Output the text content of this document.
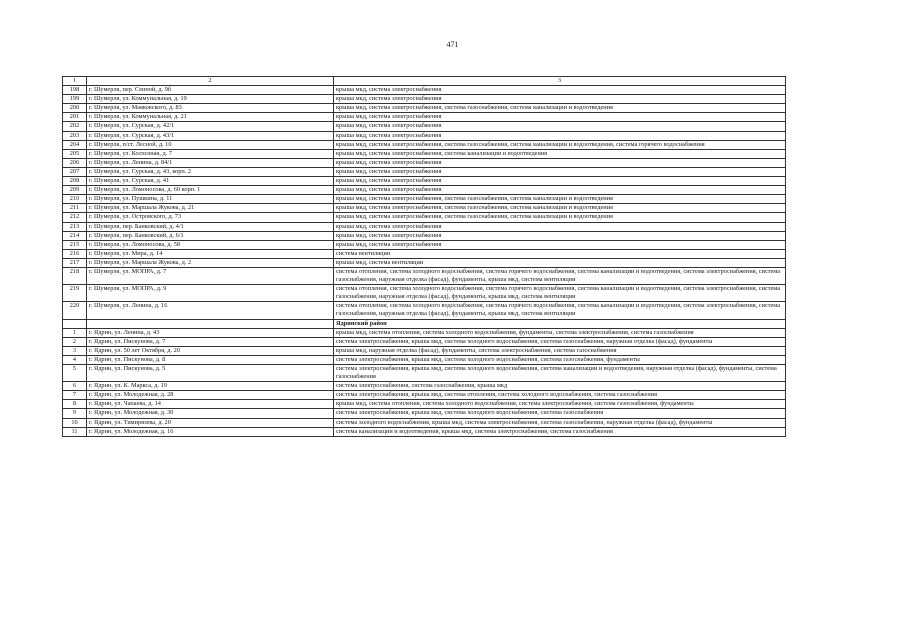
471
1	2	3
198	г. Шумерля, пер. Сенной, д. 9б	крыша мкд, система электроснабжения
199	г. Шумерля, ул. Коммунальная, д. 19	крыша мкд, система электроснабжения
200	г. Шумерля, ул. Маяковского, д. 83	крыша мкд, система электроснабжения, система газоснабжения, система канализации и водоотведения
201	г. Шумерля, ул. Коммунальная, д. 21	крыша мкд, система электроснабжения
202	г. Шумерля, ул. Сурская, д. 42/1	крыша мкд, система электроснабжения
203	г. Шумерля, ул. Сурская, д. 43/1	крыша мкд, система электроснабжения
204	г. Шумерля, п/ст. Лесной, д. 10	крыша мкд, система электроснабжения, система газоснабжения, система канализации и водоотведения, система горячего водоснабжения
205	г. Шумерля, ул. Колхозная, д. 7	крыша мкд, система электроснабжения, система канализации и водоотведения
206	г. Шумерля, ул. Ленина, д. 84/1	крыша мкд, система электроснабжения
207	г. Шумерля, ул. Сурская, д. 43, корп. 2	крыша мкд, система электроснабжения
208	г. Шумерля, ул. Сурская, д. 41	крыша мкд, система электроснабжения
209	г. Шумерля, ул. Ломоносова, д. 60 корп. 1	крыша мкд, система электроснабжения
210	г. Шумерля, ул. Пушкина, д. 11	крыша мкд, система электроснабжения, система газоснабжения, система канализации и водоотведения
211	г. Шумерля, ул. Маршала Жукова, д. 21	крыша мкд, система электроснабжения, система газоснабжения, система канализации и водоотведения
212	г. Шумерля, ул. Островского, д. 73	крыша мкд, система электроснабжения, система газоснабжения, система канализации и водоотведения
213	г. Шумерля, пер. Банковский, д. 4/1	крыша мкд, система электроснабжения
214	г. Шумерля, пер. Банковский, д. 6/1	крыша мкд, система электроснабжения
215	г. Шумерля, ул. Ломоносова, д. 58	крыша мкд, система электроснабжения
216	г. Шумерля, ул. Мира, д. 14	система вентиляции
217	г. Шумерля, ул. Маршала Жукова, д. 2	крыша мкд, система вентиляции
218	г. Шумерля, ул. МОПРА, д. 7	система отопления, система холодного водоснабжения, система горячего водоснабжения, система канализации и водоотведения, система электроснабжения, система газоснабжения, наружная отделка (фасад), фундаменты, крыша мкд, система вентиляции
219	г. Шумерля, ул. МОПРА, д. 9	система отопления, система холодного водоснабжения, система горячего водоснабжения, система канализации и водоотведения, система электроснабжения, система газоснабжения, наружная отделка (фасад), фундаменты, крыша мкд, система вентиляции
220	г. Шумерля, ул. Ленина, д. 16	система отопления, система холодного водоснабжения, система горячего водоснабжения, система канализации и водоотведения, система электроснабжения, система газоснабжения, наружная отделка (фасад), фундаменты, крыша мкд, система вентиляции
		Ядринский район
1	г. Ядрин, ул. Ленина, д. 43	крыша мкд, система отопления, система холодного водоснабжения, фундаменты, система электроснабжения, система газоснабжения
2	г. Ядрин, ул. Пискунова, д. 7	система электроснабжения, крыша мкд, система холодного водоснабжения, система газоснабжения, наружная отделка (фасад), фундаменты
3	г. Ядрин, ул. 50 лет Октября, д. 20	крыша мкд, наружная отделка (фасад), фундаменты, система электроснабжения, система газоснабжения
4	г. Ядрин, ул. Пискунова, д. 8	система электроснабжения, крыша мкд, система холодного водоснабжения, система газоснабжения, фундаменты
5	г. Ядрин, ул. Пискунова, д. 5	система электроснабжения, крыша мкд, система холодного водоснабжения, система канализации и водоотведения, наружная отделка (фасад), фундаменты, система газоснабжения
6	г. Ядрин, ул. К. Маркса, д. 19	система электроснабжения, система газоснабжения, крыша мкд
7	г. Ядрин, ул. Молодежная, д. 28	система электроснабжения, крыша мкд, система отопления, система холодного водоснабжения, система газоснабжения
8	г. Ядрин, ул. Чапаева, д. 14	крыша мкд, система отопления, система холодного водоснабжения, система электроснабжения, система газоснабжения, фундаменты
9	г. Ядрин, ул. Молодежная, д. 30	система электроснабжения, крыша мкд, система холодного водоснабжения, система газоснабжения
10	г. Ядрин, ул. Тимирязева, д. 20	система холодного водоснабжения, крыша мкд, система электроснабжения, система газоснабжения, наружная отделка (фасад), фундаменты
11	г. Ядрин, ул. Молодежная, д. 16	система канализации и водоотведения, крыша мкд, система электроснабжения, система газоснабжения
